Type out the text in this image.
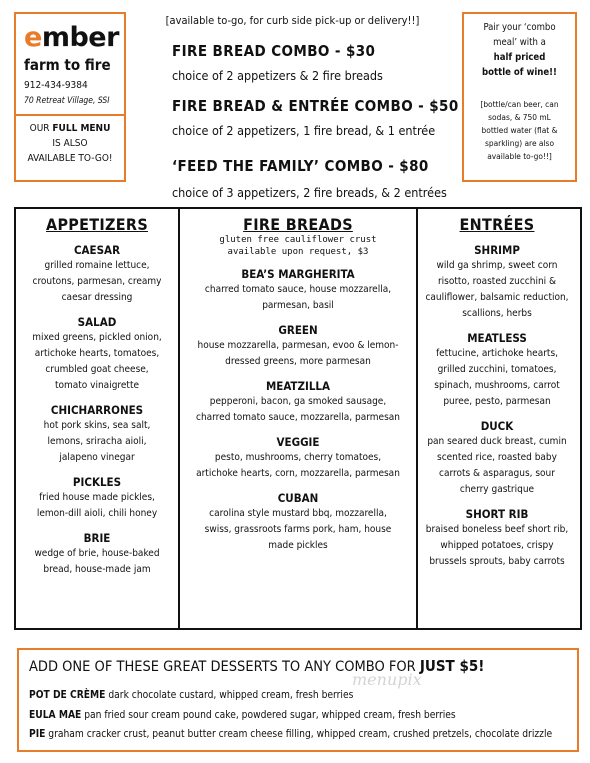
ember
farm to fire
912-434-9384
70 Retreat Village, SSI
OUR FULL MENU
IS ALSO
AVAILABLE TO-GO!
[available to-go, for curb side pick-up or delivery!!]
FIRE BREAD COMBO - $30
choice of 2 appetizers & 2 fire breads
FIRE BREAD & ENTRÉE COMBO - $50
choice of 2 appetizers, 1 fire bread, & 1 entrée
‘FEED THE FAMILY’ COMBO - $80
choice of 3 appetizers, 2 fire breads, & 2 entrées
Pair your ‘combo
meal’ with a
half priced
bottle of wine!!
[bottle/can beer, can
sodas, & 750 mL
bottled water (flat &
sparkling) are also
available to-go!!]
APPETIZERS
CAESAR
grilled romaine lettuce,
croutons, parmesan, creamy
caesar dressing
SALAD
mixed greens, pickled onion,
artichoke hearts, tomatoes,
crumbled goat cheese,
tomato vinaigrette
CHICHARRONES
hot pork skins, sea salt,
lemons, sriracha aioli,
jalapeno vinegar
PICKLES
fried house made pickles,
lemon-dill aioli, chili honey
BRIE
wedge of brie, house-baked
bread, house-made jam
FIRE BREADS
gluten free cauliflower crust
available upon request, $3
BEA’S MARGHERITA
charred tomato sauce, house mozzarella,
parmesan, basil
GREEN
house mozzarella, parmesan, evoo & lemon-
dressed greens, more parmesan
MEATZILLA
pepperoni, bacon, ga smoked sausage,
charred tomato sauce, mozzarella, parmesan
VEGGIE
pesto, mushrooms, cherry tomatoes,
artichoke hearts, corn, mozzarella, parmesan
CUBAN
carolina style mustard bbq, mozzarella,
swiss, grassroots farms pork, ham, house
made pickles
ENTRÉES
SHRIMP
wild ga shrimp, sweet corn
risotto, roasted zucchini &
cauliflower, balsamic reduction,
scallions, herbs
MEATLESS
fettucine, artichoke hearts,
grilled zucchini, tomatoes,
spinach, mushrooms, carrot
puree, pesto, parmesan
DUCK
pan seared duck breast, cumin
scented rice, roasted baby
carrots & asparagus, sour
cherry gastrique
SHORT RIB
braised boneless beef short rib,
whipped potatoes, crispy
brussels sprouts, baby carrots
ADD ONE OF THESE GREAT DESSERTS TO ANY COMBO FOR JUST $5!
POT DE CRÈME dark chocolate custard, whipped cream, fresh berries
EULA MAE pan fried sour cream pound cake, powdered sugar, whipped cream, fresh berries
PIE graham cracker crust, peanut butter cream cheese filling, whipped cream, crushed pretzels, chocolate drizzle
menupix
